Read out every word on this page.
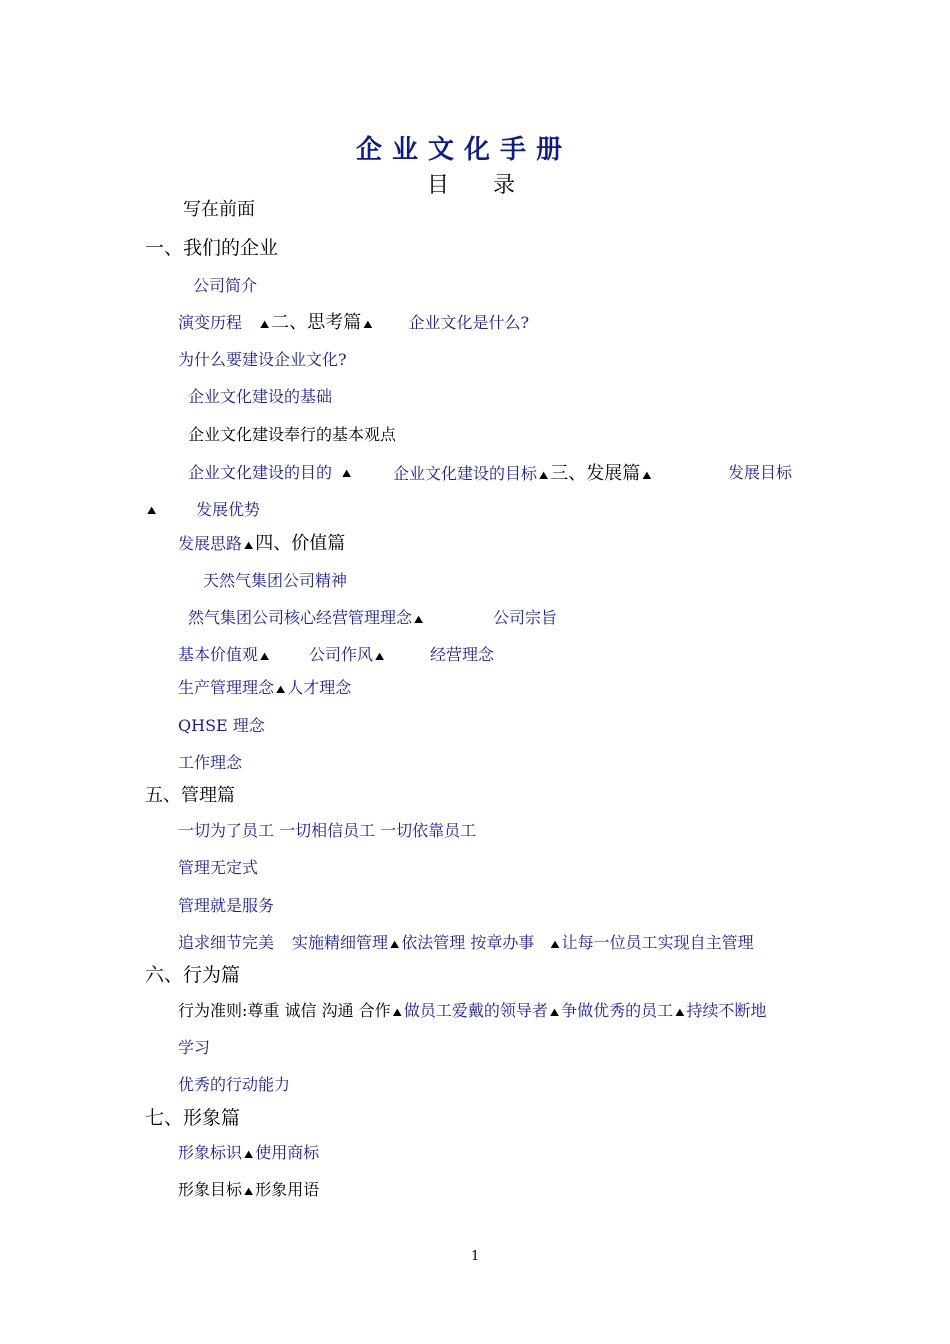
企业文化手册
目　　录
写在前面
一、我们的企业
公司简介
演变历程 ⛰ 二、思考篇 ⛰ 企业文化是什么?
为什么要建设企业文化?
企业文化建设的基础
企业文化建设奉行的基本观点
企业文化建设的目的 ⛰	企业文化建设的目标 ⛰ 三、发展篇 ⛰	发展目标
⛰ 发展优势
发展思路 ⛰ 四、价值篇
天然气集团公司精神
然气集团公司核心经营管理理念 ⛰	公司宗旨
基本价值观 ⛰ 公司作风 ⛰	经营理念
生产管理理念 ⛰ 人才理念
QHSE 理念
工作理念
五、管理篇
一切为了员工 一切相信员工 一切依靠员工
管理无定式
管理就是服务
追求细节完美 实施精细管理 ⛰ 依法管理 按章办事 ⛰ 让每一位员工实现自主管理
六、行为篇
行为准则:尊重 诚信 沟通 合作 ⛰ 做员工爱戴的领导者 ⛰ 争做优秀的员工 ⛰ 持续不断地
学习
优秀的行动能力
七、形象篇
形象标识 ⛰ 使用商标
形象目标 ⛰ 形象用语
1
